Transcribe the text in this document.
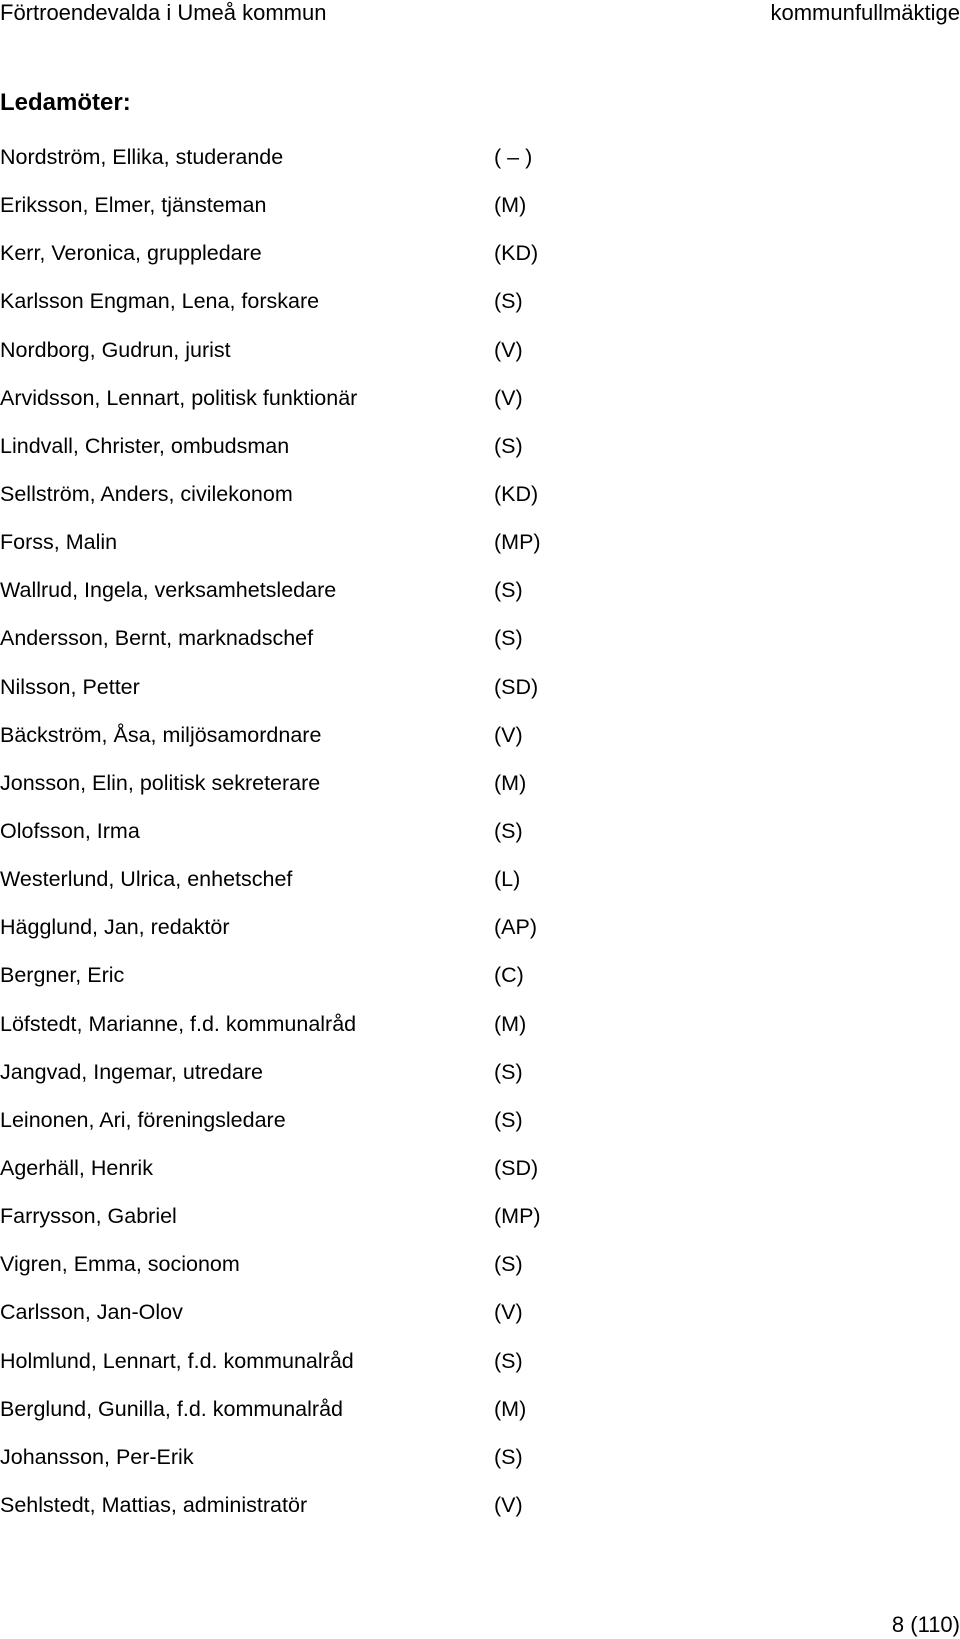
Förtroendevalda i Umeå kommun	kommunfullmäktige
Ledamöter:
Nordström, Ellika, studerande	( – )
Eriksson, Elmer, tjänsteman	(M)
Kerr, Veronica, gruppledare	(KD)
Karlsson Engman, Lena, forskare	(S)
Nordborg, Gudrun, jurist	(V)
Arvidsson, Lennart, politisk funktionär	(V)
Lindvall, Christer, ombudsman	(S)
Sellström, Anders, civilekonom	(KD)
Forss, Malin	(MP)
Wallrud, Ingela, verksamhetsledare	(S)
Andersson, Bernt, marknadschef	(S)
Nilsson, Petter	(SD)
Bäckström, Åsa, miljösamordnare	(V)
Jonsson, Elin, politisk sekreterare	(M)
Olofsson, Irma	(S)
Westerlund, Ulrica, enhetschef	(L)
Hägglund, Jan, redaktör	(AP)
Bergner, Eric	(C)
Löfstedt, Marianne, f.d. kommunalråd	(M)
Jangvad, Ingemar, utredare	(S)
Leinonen, Ari, föreningsledare	(S)
Agerhäll, Henrik	(SD)
Farrysson, Gabriel	(MP)
Vigren, Emma, socionom	(S)
Carlsson, Jan-Olov	(V)
Holmlund, Lennart, f.d. kommunalråd	(S)
Berglund, Gunilla, f.d. kommunalråd	(M)
Johansson, Per-Erik	(S)
Sehlstedt, Mattias, administratör	(V)
8 (110)
